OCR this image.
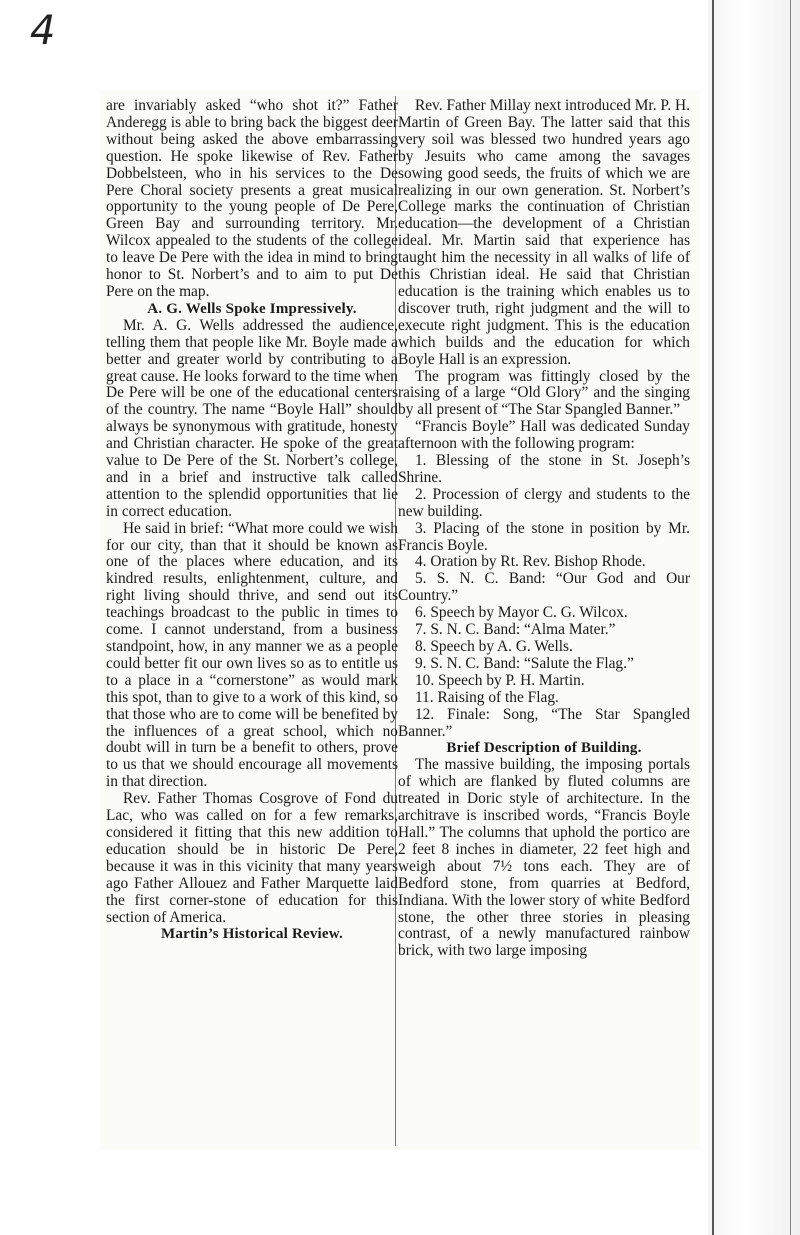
4

are invariably asked “who shot it?” Father Anderegg is able to bring back the biggest deer without being asked the above embarrassing question. He spoke likewise of Rev. Father Dobbelsteen, who in his services to the De Pere Choral society presents a great musical opportunity to the young people of De Pere, Green Bay and surrounding territory. Mr. Wilcox appealed to the students of the college to leave De Pere with the idea in mind to bring honor to St. Norbert’s and to aim to put De Pere on the map.

A. G. Wells Spoke Impressively.

Mr. A. G. Wells addressed the audience, telling them that people like Mr. Boyle made a better and greater world by contributing to a great cause. He looks forward to the time when De Pere will be one of the educational centers of the country. The name “Boyle Hall” should always be synonymous with gratitude, honesty and Christian character. He spoke of the great value to De Pere of the St. Norbert’s college, and in a brief and instructive talk called attention to the splendid opportunities that lie in correct education.

He said in brief: “What more could we wish for our city, than that it should be known as one of the places where education, and its kindred results, enlightenment, culture, and right living should thrive, and send out its teachings broadcast to the public in times to come. I cannot understand, from a business standpoint, how, in any manner we as a people could better fit our own lives so as to entitle us to a place in a “cornerstone” as would mark this spot, than to give to a work of this kind, so that those who are to come will be benefited by the influences of a great school, which no doubt will in turn be a benefit to others, prove to us that we should encourage all movements in that direction.

Rev. Father Thomas Cosgrove of Fond du Lac, who was called on for a few remarks, considered it fitting that this new addition to education should be in historic De Pere, because it was in this vicinity that many years ago Father Allouez and Father Marquette laid the first corner-stone of education for this section of America.

Martin’s Historical Review.

Rev. Father Millay next introduced Mr. P. H. Martin of Green Bay. The latter said that this very soil was blessed two hundred years ago by Jesuits who came among the savages sowing good seeds, the fruits of which we are realizing in our own generation. St. Norbert’s College marks the continuation of Christian education—the development of a Christian ideal. Mr. Martin said that experience has taught him the necessity in all walks of life of this Christian ideal. He said that Christian education is the training which enables us to discover truth, right judgment and the will to execute right judgment. This is the education which builds and the education for which Boyle Hall is an expression.

The program was fittingly closed by the raising of a large “Old Glory” and the singing by all present of “The Star Spangled Banner.”

“Francis Boyle” Hall was dedicated Sunday afternoon with the following program:

1. Blessing of the stone in St. Joseph’s Shrine.
2. Procession of clergy and students to the new building.
3. Placing of the stone in position by Mr. Francis Boyle.
4. Oration by Rt. Rev. Bishop Rhode.
5. S. N. C. Band: “Our God and Our Country.”
6. Speech by Mayor C. G. Wilcox.
7. S. N. C. Band: “Alma Mater.”
8. Speech by A. G. Wells.
9. S. N. C. Band: “Salute the Flag.”
10. Speech by P. H. Martin.
11. Raising of the Flag.
12. Finale: Song, “The Star Spangled Banner.”
Brief Description of Building.

The massive building, the imposing portals of which are flanked by fluted columns are treated in Doric style of architecture. In the architrave is inscribed words, “Francis Boyle Hall.” The columns that uphold the portico are 2 feet 8 inches in diameter, 22 feet high and weigh about 7½ tons each. They are of Bedford stone, from quarries at Bedford, Indiana. With the lower story of white Bedford stone, the other three stories in pleasing contrast, of a newly manufactured rainbow brick, with two large imposing
